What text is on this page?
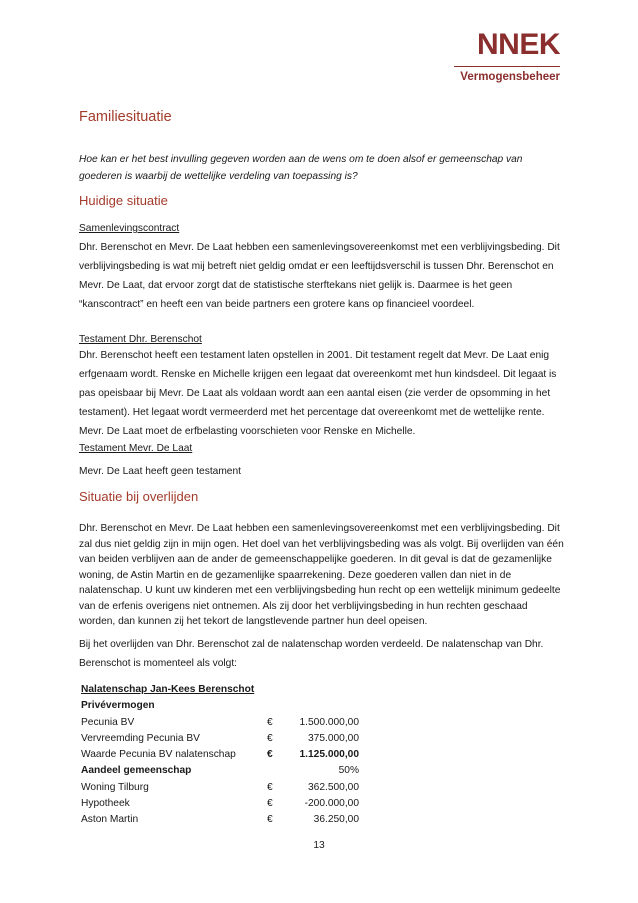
NNEK
Vermogensbeheer
Familiesituatie

Hoe kan er het best invulling gegeven worden aan de wens om te doen alsof er gemeenschap van goederen is waarbij de wettelijke verdeling van toepassing is?

Huidige situatie

Samenlevingscontract

Dhr. Berenschot en Mevr. De Laat hebben een samenlevingsovereenkomst met een verblijvingsbeding. Dit verblijvingsbeding is wat mij betreft niet geldig omdat er een leeftijdsverschil is tussen Dhr. Berenschot en Mevr. De Laat, dat ervoor zorgt dat de statistische sterftekans niet gelijk is. Daarmee is het geen “kanscontract” en heeft een van beide partners een grotere kans op financieel voordeel.

Testament Dhr. Berenschot

Dhr. Berenschot heeft een testament laten opstellen in 2001. Dit testament regelt dat Mevr. De Laat enig erfgenaam wordt. Renske en Michelle krijgen een legaat dat overeenkomt met hun kindsdeel. Dit legaat is pas opeisbaar bij Mevr. De Laat als voldaan wordt aan een aantal eisen (zie verder de opsomming in het testament). Het legaat wordt vermeerderd met het percentage dat overeenkomt met de wettelijke rente. Mevr. De Laat moet de erfbelasting voorschieten voor Renske en Michelle.

Testament Mevr. De Laat

Mevr. De Laat heeft geen testament

Situatie bij overlijden

Dhr. Berenschot en Mevr. De Laat hebben een samenlevingsovereenkomst met een verblijvingsbeding. Dit zal dus niet geldig zijn in mijn ogen. Het doel van het verblijvingsbeding was als volgt. Bij overlijden van één van beiden verblijven aan de ander de gemeenschappelijke goederen. In dit geval is dat de gezamenlijke woning, de Astin Martin en de gezamenlijke spaarrekening. Deze goederen vallen dan niet in de nalatenschap. U kunt uw kinderen met een verblijvingsbeding hun recht op een wettelijk minimum gedeelte van de erfenis overigens niet ontnemen. Als zij door het verblijvingsbeding in hun rechten geschaad worden, dan kunnen zij het tekort de langstlevende partner hun deel opeisen.

Bij het overlijden van Dhr. Berenschot zal de nalatenschap worden verdeeld. De nalatenschap van Dhr. Berenschot is momenteel als volgt:

Nalatenschap Jan-Kees Berenschot		
Privévermogen		
Pecunia BV	€	1.500.000,00
Vervreemding Pecunia BV	€	375.000,00
Waarde Pecunia BV nalatenschap	€	1.125.000,00
Aandeel gemeenschap		50%
Woning Tilburg	€	362.500,00
Hypotheek	€	-200.000,00
Aston Martin	€	36.250,00
13
